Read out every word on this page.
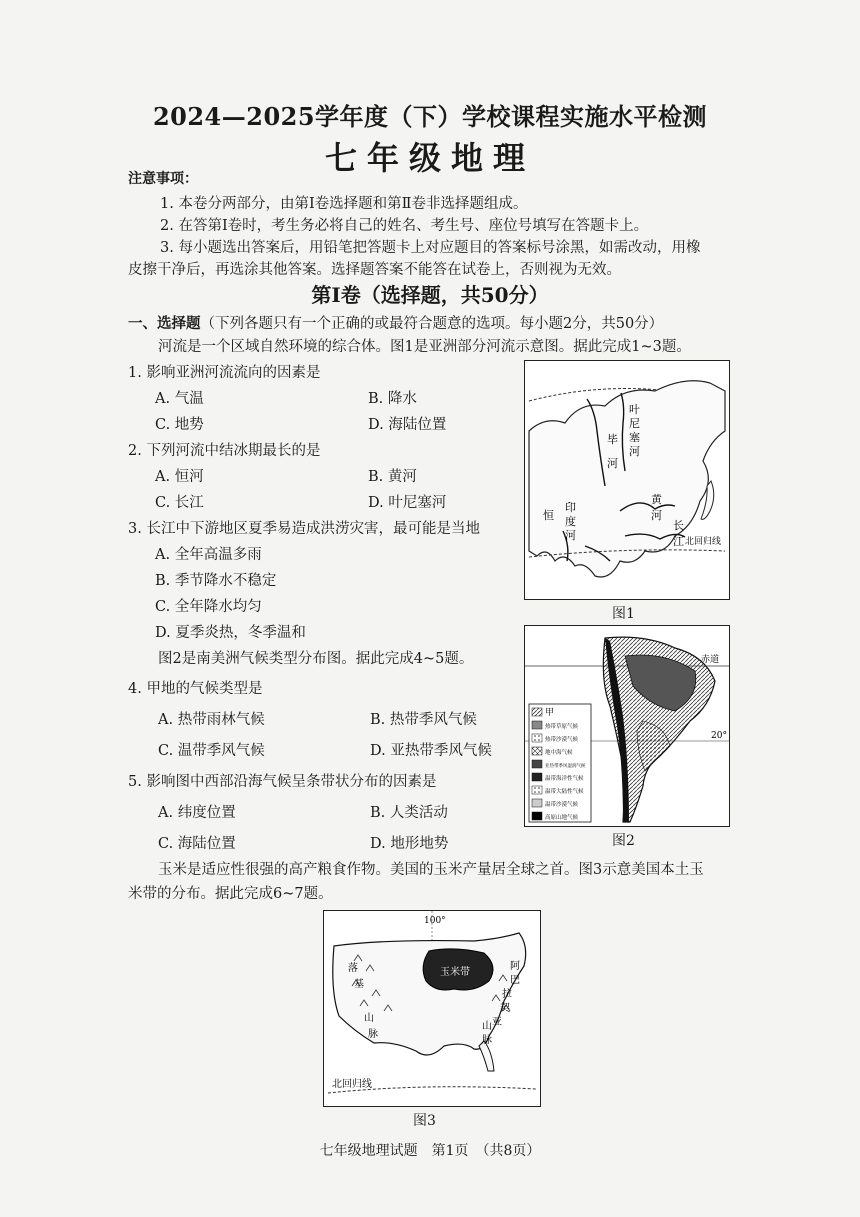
2024—2025学年度（下）学校课程实施水平检测
七年级地理
注意事项：
1. 本卷分两部分，由第Ⅰ卷选择题和第Ⅱ卷非选择题组成。
2. 在答第Ⅰ卷时，考生务必将自己的姓名、考生号、座位号填写在答题卡上。
3. 每小题选出答案后，用铅笔把答题卡上对应题目的答案标号涂黑，如需改动，用橡
皮擦干净后，再选涂其他答案。选择题答案不能答在试卷上，否则视为无效。
第Ⅰ卷（选择题，共50分）
一、选择题（下列各题只有一个正确的或最符合题意的选项。每小题2分，共50分）
河流是一个区域自然环境的综合体。图1是亚洲部分河流示意图。据此完成1~3题。
1. 影响亚洲河流流向的因素是
A. 气温	B. 降水
C. 地势	D. 海陆位置
2. 下列河流中结冰期最长的是
A. 恒河	B. 黄河
C. 长江	D. 叶尼塞河
3. 长江中下游地区夏季易造成洪涝灾害，最可能是当地
A. 全年高温多雨
B. 季节降水不稳定
C. 全年降水均匀
D. 夏季炎热，冬季温和
图2是南美洲气候类型分布图。据此完成4~5题。
4. 甲地的气候类型是
A. 热带雨林气候	B. 热带季风气候
C. 温带季风气候	D. 亚热带季风气候
5. 影响图中西部沿海气候呈条带状分布的因素是
A. 纬度位置	B. 人类活动
C. 海陆位置	D. 地形地势
玉米是适应性很强的高产粮食作物。美国的玉米产量居全球之首。图3示意美国本土玉
米带的分布。据此完成6~7题。
叶
尼
塞
河
毕
河
黄
河
恒
印
度
河
长
江 北回归线
图1
甲
热带草原气候
热带沙漠气候
地中海气候
亚热带季风湿润气候
温带海洋性气候
温带大陆性气候
温带沙漠气候
高原山地气候
赤道
20°
图2
100°
北回归线
落
基
山
脉
阿
巴
拉
契
亚
山
脉
玉米带
图3
七年级地理试题　第1页　（共8页）
